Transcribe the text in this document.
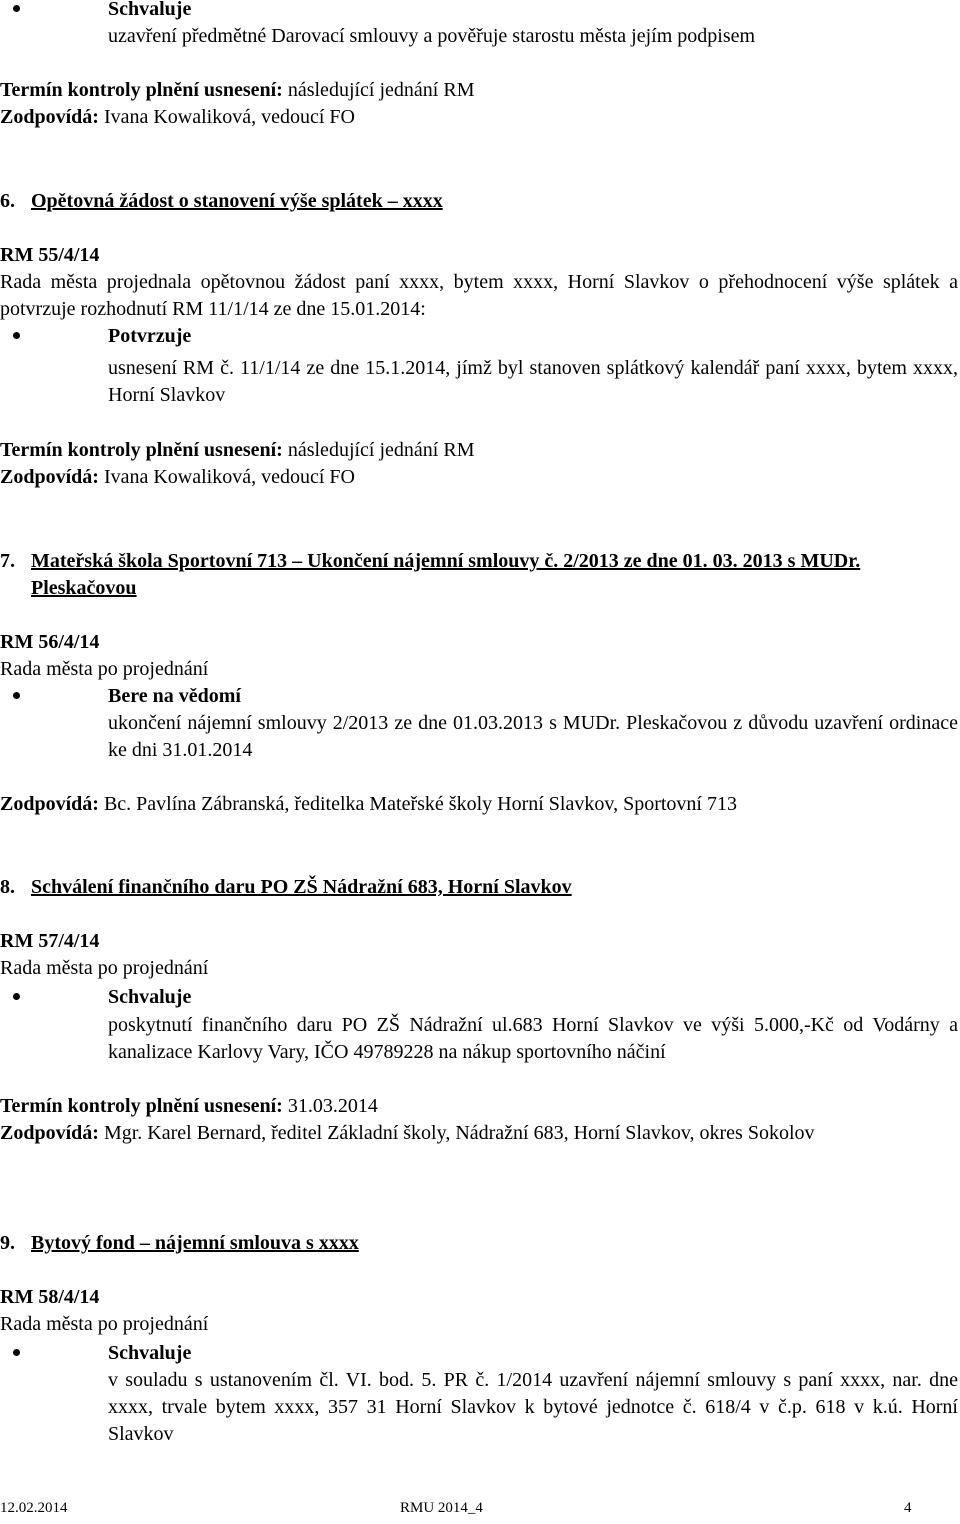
Schvaluje

uzavření předmětné Darovací smlouvy a pověřuje starostu města jejím podpisem

Termín kontroly plnění usnesení: následující jednání RM

Zodpovídá: Ivana Kowaliková, vedoucí FO

6. Opětovná žádost o stanovení výše splátek – xxxx

RM 55/4/14

Rada města projednala opětovnou žádost paní xxxx, bytem xxxx, Horní Slavkov o přehodnocení výše splátek a potvrzuje rozhodnutí RM 11/1/14 ze dne 15.01.2014:

Potvrzuje

usnesení RM č. 11/1/14 ze dne 15.1.2014, jímž byl stanoven splátkový kalendář paní xxxx, bytem xxxx, Horní Slavkov

Termín kontroly plnění usnesení: následující jednání RM

Zodpovídá: Ivana Kowaliková, vedoucí FO

7. Mateřská škola Sportovní 713 – Ukončení nájemní smlouvy č. 2/2013 ze dne 01. 03. 2013 s MUDr. Pleskačovou

RM 56/4/14

Rada města po projednání

Bere na vědomí

ukončení nájemní smlouvy 2/2013 ze dne 01.03.2013 s MUDr. Pleskačovou z důvodu uzavření ordinace ke dni 31.01.2014

Zodpovídá: Bc. Pavlína Zábranská, ředitelka Mateřské školy Horní Slavkov, Sportovní 713

8. Schválení finančního daru PO ZŠ Nádražní 683, Horní Slavkov

RM 57/4/14

Rada města po projednání

Schvaluje

poskytnutí finančního daru PO ZŠ Nádražní ul.683 Horní Slavkov ve výši 5.000,-Kč od Vodárny a kanalizace Karlovy Vary, IČO 49789228 na nákup sportovního náčiní

Termín kontroly plnění usnesení: 31.03.2014

Zodpovídá: Mgr. Karel Bernard, ředitel Základní školy, Nádražní 683, Horní Slavkov, okres Sokolov

9. Bytový fond – nájemní smlouva s xxxx

RM 58/4/14

Rada města po projednání

Schvaluje

v souladu s ustanovením čl. VI. bod. 5. PR č. 1/2014 uzavření nájemní smlouvy s paní xxxx, nar. dne xxxx, trvale bytem xxxx, 357 31 Horní Slavkov k bytové jednotce č. 618/4 v č.p. 618 v k.ú. Horní Slavkov

12.02.2014	RMU 2014_4	4
